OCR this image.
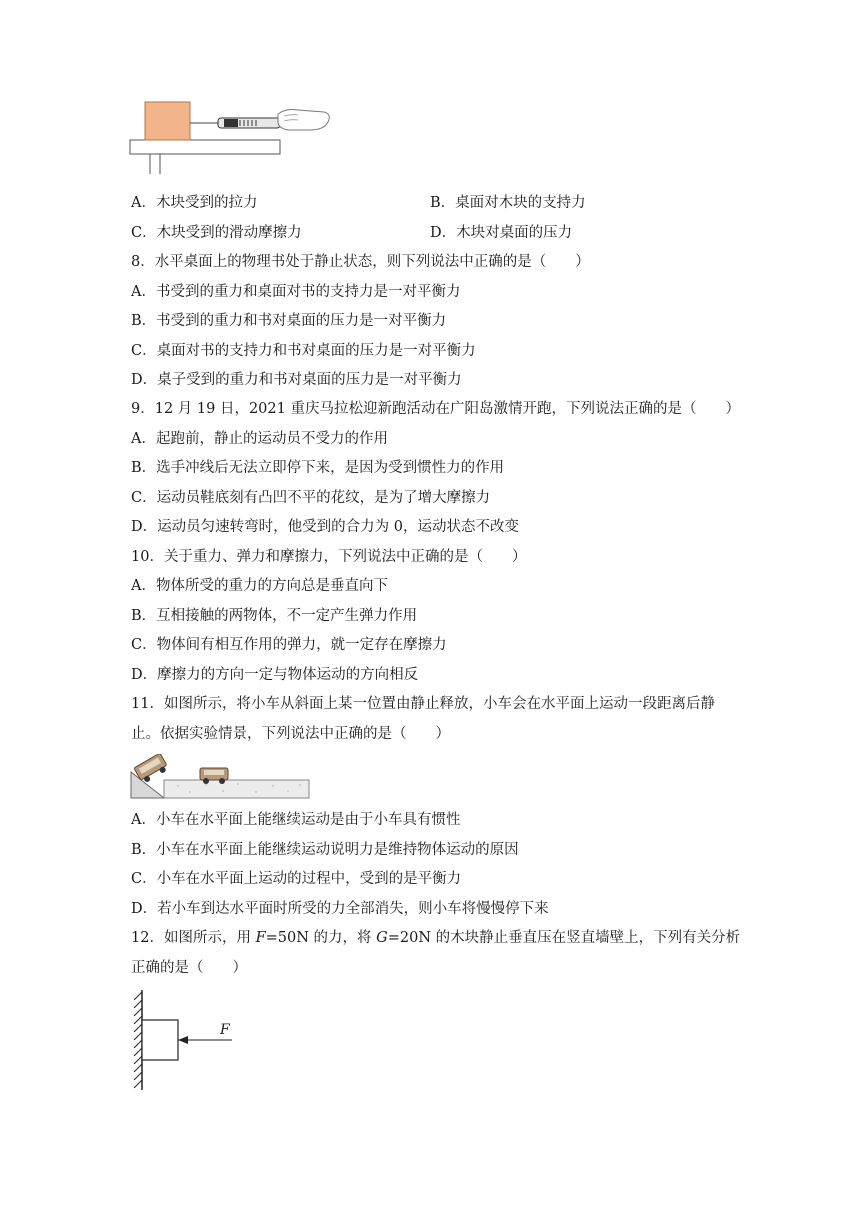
A．木块受到的拉力	B．桌面对木块的支持力
C．木块受到的滑动摩擦力	D．木块对桌面的压力
8．水平桌面上的物理书处于静止状态，则下列说法中正确的是（　　）
A．书受到的重力和桌面对书的支持力是一对平衡力
B．书受到的重力和书对桌面的压力是一对平衡力
C．桌面对书的支持力和书对桌面的压力是一对平衡力
D．桌子受到的重力和书对桌面的压力是一对平衡力
9．12 月 19 日，2021 重庆马拉松迎新跑活动在广阳岛激情开跑，下列说法正确的是（　　）
A．起跑前，静止的运动员不受力的作用
B．选手冲线后无法立即停下来，是因为受到惯性力的作用
C．运动员鞋底刻有凸凹不平的花纹，是为了增大摩擦力
D．运动员匀速转弯时，他受到的合力为 0，运动状态不改变
10．关于重力、弹力和摩擦力，下列说法中正确的是（　　）
A．物体所受的重力的方向总是垂直向下
B．互相接触的两物体，不一定产生弹力作用
C．物体间有相互作用的弹力，就一定存在摩擦力
D．摩擦力的方向一定与物体运动的方向相反
11．如图所示，将小车从斜面上某一位置由静止释放，小车会在水平面上运动一段距离后静
止。依据实验情景，下列说法中正确的是（　　）
A．小车在水平面上能继续运动是由于小车具有惯性
B．小车在水平面上能继续运动说明力是维持物体运动的原因
C．小车在水平面上运动的过程中，受到的是平衡力
D．若小车到达水平面时所受的力全部消失，则小车将慢慢停下来
12．如图所示，用 F=50N 的力，将 G=20N 的木块静止垂直压在竖直墙壁上，下列有关分析
正确的是（　　）
F
